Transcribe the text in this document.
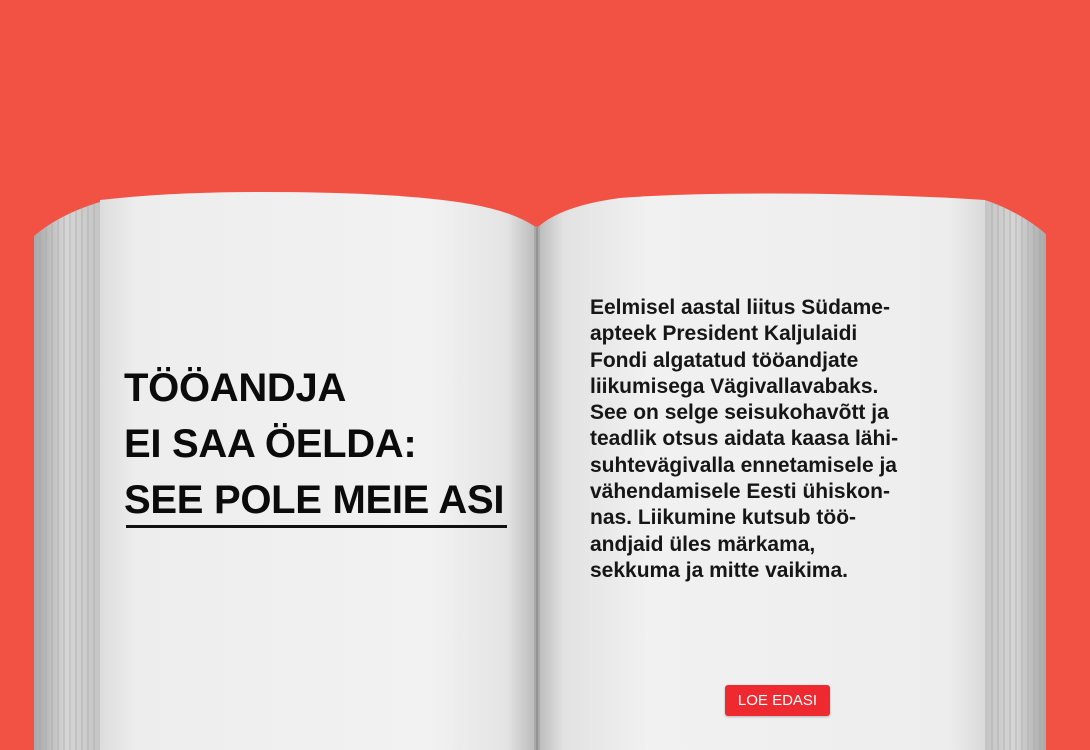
TÖÖANDJA
EI SAA ÖELDA:
SEE POLE MEIE ASI

Eelmisel aastal liitus Südame-
apteek President Kaljulaidi
Fondi algatatud tööandjate
liikumisega Vägivallavabaks.
See on selge seisukohavõtt ja
teadlik otsus aidata kaasa lähi-
suhtevägivalla ennetamisele ja
vähendamisele Eesti ühiskon-
nas. Liikumine kutsub töö-
andjaid üles märkama,
sekkuma ja mitte vaikima.

LOE EDASI
